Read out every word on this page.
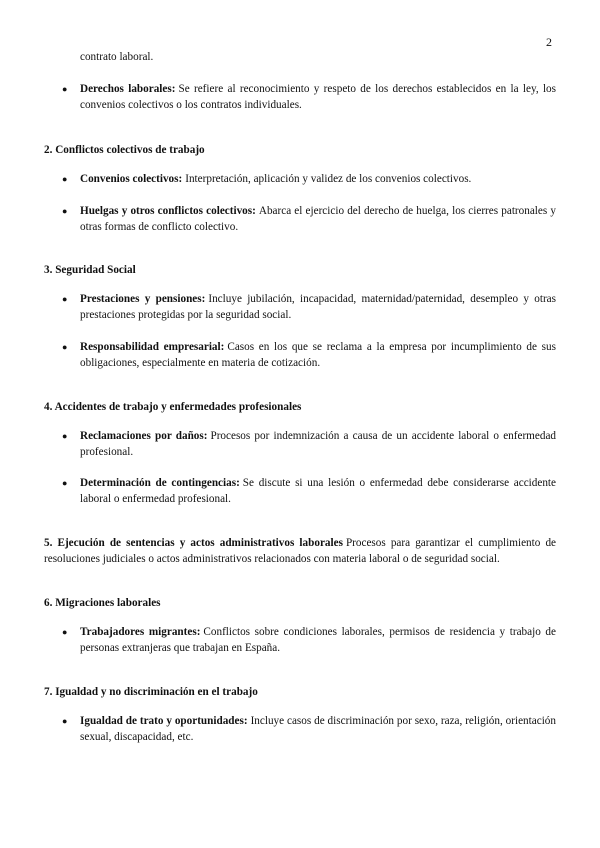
2
contrato laboral.
● Derechos laborales: Se refiere al reconocimiento y respeto de los derechos establecidos en la ley, los convenios colectivos o los contratos individuales.
2. Conflictos colectivos de trabajo
● Convenios colectivos: Interpretación, aplicación y validez de los convenios colectivos.
● Huelgas y otros conflictos colectivos: Abarca el ejercicio del derecho de huelga, los cierres patronales y otras formas de conflicto colectivo.
3. Seguridad Social
● Prestaciones y pensiones: Incluye jubilación, incapacidad, maternidad/paternidad, desempleo y otras prestaciones protegidas por la seguridad social.
● Responsabilidad empresarial: Casos en los que se reclama a la empresa por incumplimiento de sus obligaciones, especialmente en materia de cotización.
4. Accidentes de trabajo y enfermedades profesionales
● Reclamaciones por daños: Procesos por indemnización a causa de un accidente laboral o enfermedad profesional.
● Determinación de contingencias: Se discute si una lesión o enfermedad debe considerarse accidente laboral o enfermedad profesional.
5. Ejecución de sentencias y actos administrativos laborales Procesos para garantizar el cumplimiento de resoluciones judiciales o actos administrativos relacionados con materia laboral o de seguridad social.
6. Migraciones laborales
● Trabajadores migrantes: Conflictos sobre condiciones laborales, permisos de residencia y trabajo de personas extranjeras que trabajan en España.
7. Igualdad y no discriminación en el trabajo
● Igualdad de trato y oportunidades: Incluye casos de discriminación por sexo, raza, religión, orientación sexual, discapacidad, etc.
